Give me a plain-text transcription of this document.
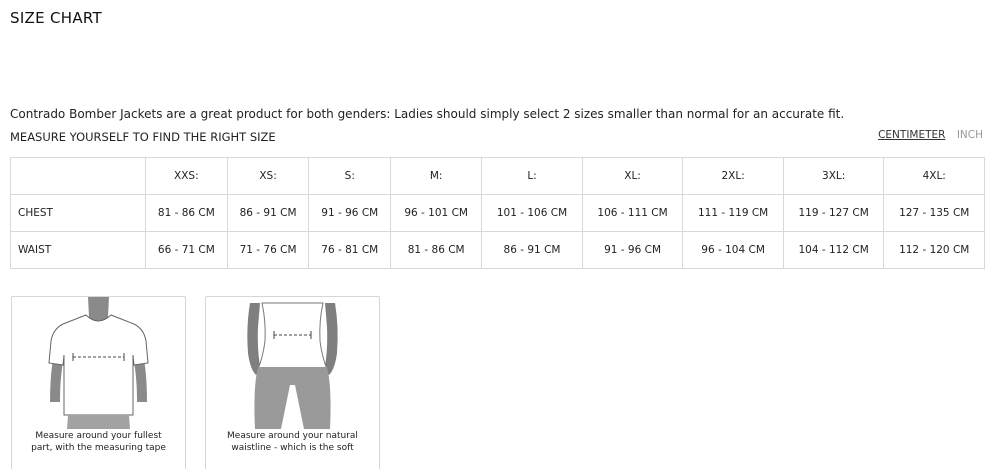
SIZE CHART
Contrado Bomber Jackets are a great product for both genders: Ladies should simply select 2 sizes smaller than normal for an accurate fit.
MEASURE YOURSELF TO FIND THE RIGHT SIZE	CENTIMETER INCH
	XXS:	XS:	S:	M:	L:	XL:	2XL:	3XL:	4XL:
CHEST	81 - 86 CM	86 - 91 CM	91 - 96 CM	96 - 101 CM	101 - 106 CM	106 - 111 CM	111 - 119 CM	119 - 127 CM	127 - 135 CM
WAIST	66 - 71 CM	71 - 76 CM	76 - 81 CM	81 - 86 CM	86 - 91 CM	91 - 96 CM	96 - 104 CM	104 - 112 CM	112 - 120 CM
Measure around your fullest
part, with the measuring tape
Measure around your natural
waistline - which is the soft
